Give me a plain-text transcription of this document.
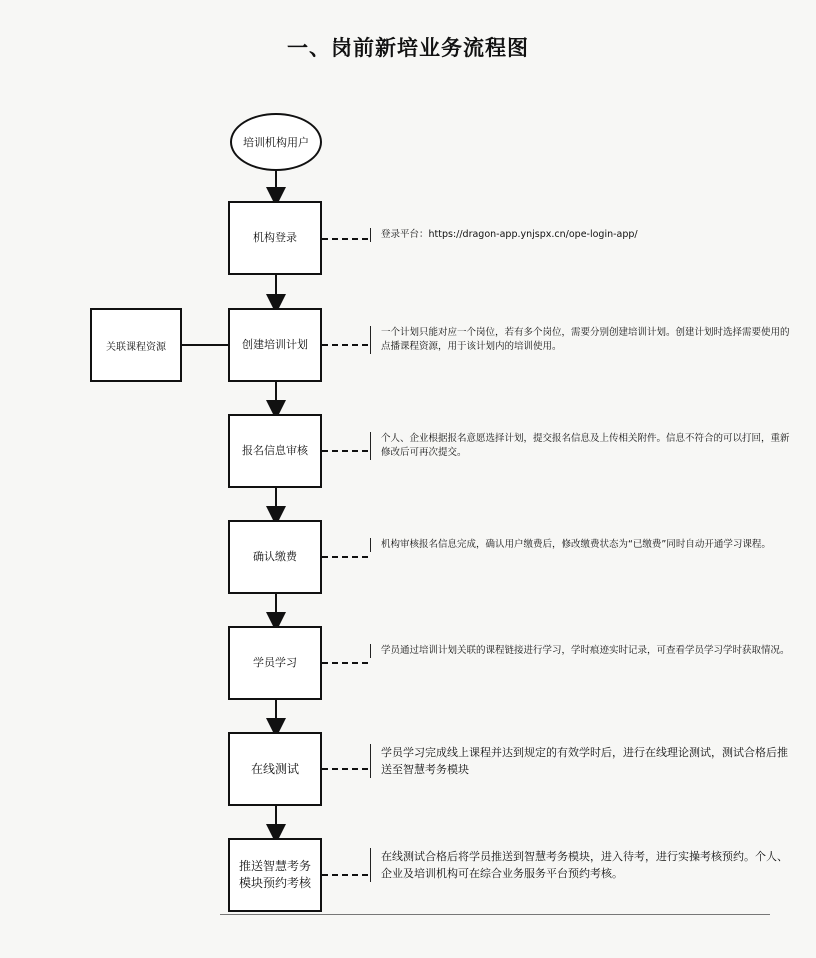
一、岗前新培业务流程图
培训机构用户
关联课程资源
机构登录
创建培训计划
报名信息审核
确认缴费
学员学习
在线测试
推送智慧考务模块预约考核
登录平台：https://dragon-app.ynjspx.cn/ope-login-app/
一个计划只能对应一个岗位，若有多个岗位，需要分别创建培训计划。创建计划时选择需要使用的点播课程资源，用于该计划内的培训使用。
个人、企业根据报名意愿选择计划，提交报名信息及上传相关附件。信息不符合的可以打回，重新修改后可再次提交。
机构审核报名信息完成，确认用户缴费后，修改缴费状态为“已缴费”同时自动开通学习课程。
学员通过培训计划关联的课程链接进行学习，学时痕迹实时记录，可查看学员学习学时获取情况。
学员学习完成线上课程并达到规定的有效学时后，进行在线理论测试，测试合格后推送至智慧考务模块
在线测试合格后将学员推送到智慧考务模块，进入待考，进行实操考核预约。个人、企业及培训机构可在综合业务服务平台预约考核。
